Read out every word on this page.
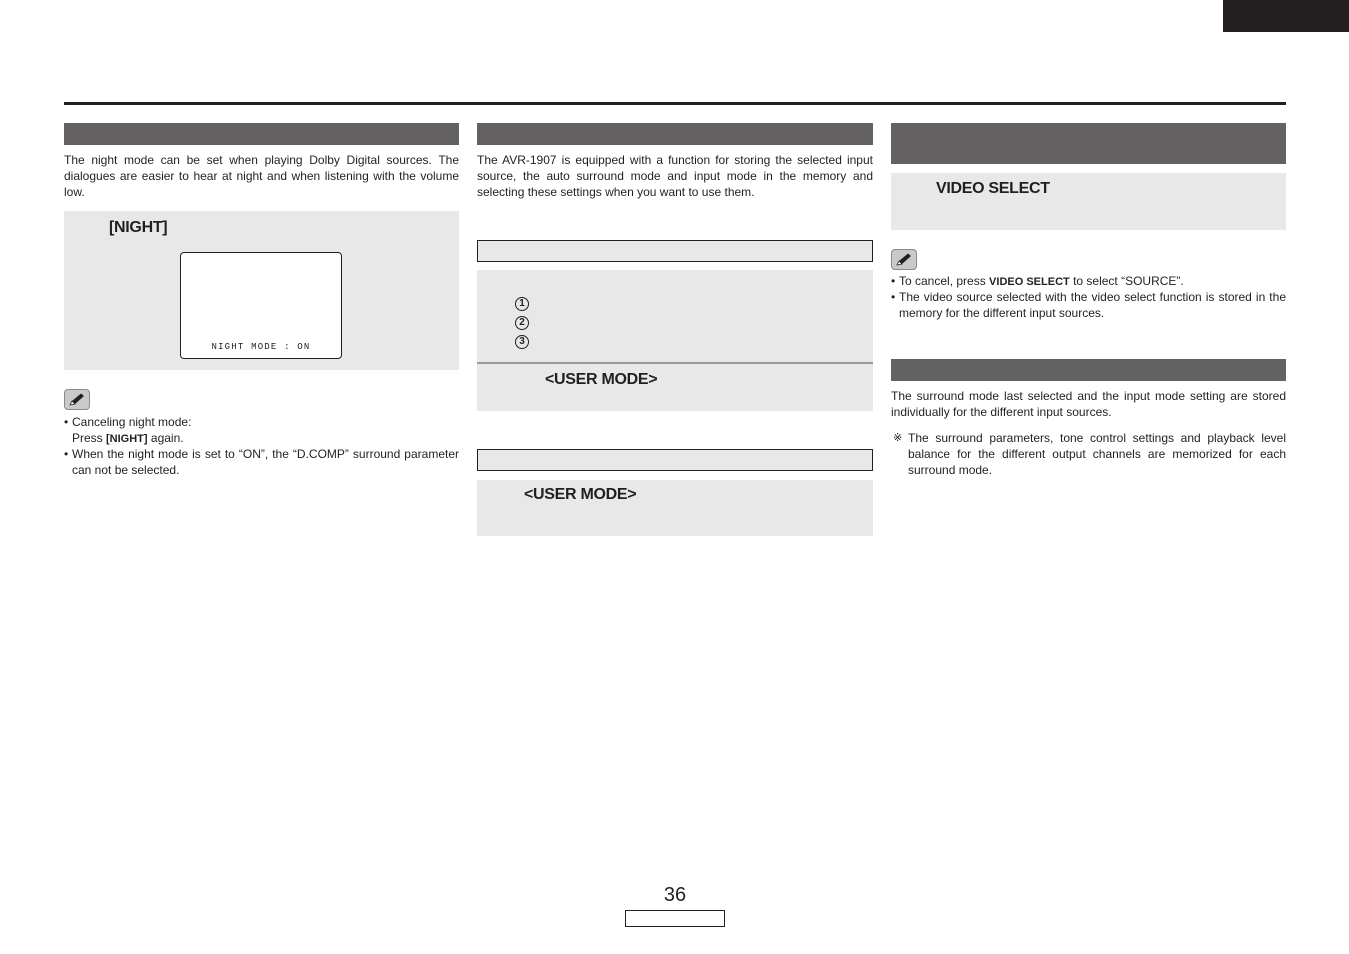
The night mode can be set when playing Dolby Digital sources. The dialogues are easier to hear at night and when listening with the volume low.
[NIGHT]
NIGHT MODE : ON
• Canceling night mode:
Press [NIGHT] again.
• When the night mode is set to “ON”, the “D.COMP” surround parameter can not be selected.
The AVR-1907 is equipped with a function for storing the selected input source, the auto surround mode and input mode in the memory and selecting these settings when you want to use them.
1
2
3
<USER MODE>
<USER MODE>
VIDEO SELECT
• To cancel, press VIDEO SELECT to select “SOURCE”.
• The video source selected with the video select function is stored in the memory for the different input sources.
The surround mode last selected and the input mode setting are stored individually for the different input sources.
※ The surround parameters, tone control settings and playback level balance for the different output channels are memorized for each surround mode.
36
